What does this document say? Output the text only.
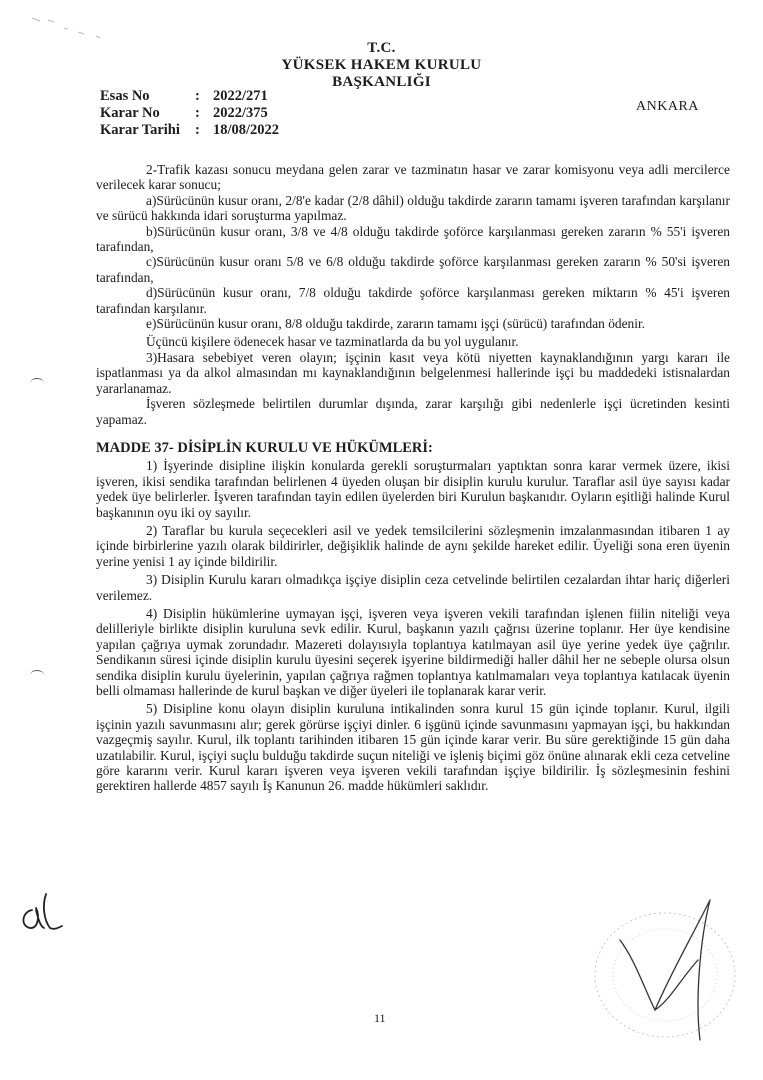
T.C.
YÜKSEK HAKEM KURULU
BAŞKANLIĞI
ANKARA
Esas No	: 2022/271
Karar No : 2022/375
Karar Tarihi : 18/08/2022

2-Trafik kazası sonucu meydana gelen zarar ve tazminatın hasar ve zarar komisyonu veya adli mercilerce verilecek karar sonucu;

a)Sürücünün kusur oranı, 2/8'e kadar (2/8 dâhil) olduğu takdirde zararın tamamı işveren tarafından karşılanır ve sürücü hakkında idari soruşturma yapılmaz.

b)Sürücünün kusur oranı, 3/8 ve 4/8 olduğu takdirde şoförce karşılanması gereken zararın % 55'i işveren tarafından,

c)Sürücünün kusur oranı 5/8 ve 6/8 olduğu takdirde şoförce karşılanması gereken zararın % 50'si işveren tarafından,

d)Sürücünün kusur oranı, 7/8 olduğu takdirde şoförce karşılanması gereken miktarın % 45'i işveren tarafından karşılanır.

e)Sürücünün kusur oranı, 8/8 olduğu takdirde, zararın tamamı işçi (sürücü) tarafından ödenir.

Üçüncü kişilere ödenecek hasar ve tazminatlarda da bu yol uygulanır.

3)Hasara sebebiyet veren olayın; işçinin kasıt veya kötü niyetten kaynaklandığının yargı kararı ile ispatlanması ya da alkol almasından mı kaynaklandığının belgelenmesi hallerinde işçi bu maddedeki istisnalardan yararlanamaz.

İşveren sözleşmede belirtilen durumlar dışında, zarar karşılığı gibi nedenlerle işçi ücretinden kesinti yapamaz.

MADDE 37- DİSİPLİN KURULU VE HÜKÜMLERİ:

1) İşyerinde disipline ilişkin konularda gerekli soruşturmaları yaptıktan sonra karar vermek üzere, ikisi işveren, ikisi sendika tarafından belirlenen 4 üyeden oluşan bir disiplin kurulu kurulur. Taraflar asil üye sayısı kadar yedek üye belirlerler. İşveren tarafından tayin edilen üyelerden biri Kurulun başkanıdır. Oyların eşitliği halinde Kurul başkanının oyu iki oy sayılır.

2) Taraflar bu kurula seçecekleri asil ve yedek temsilcilerini sözleşmenin imzalanmasından itibaren 1 ay içinde birbirlerine yazılı olarak bildirirler, değişiklik halinde de aynı şekilde hareket edilir. Üyeliği sona eren üyenin yerine yenisi 1 ay içinde bildirilir.

3) Disiplin Kurulu kararı olmadıkça işçiye disiplin ceza cetvelinde belirtilen cezalardan ihtar hariç diğerleri verilemez.

4) Disiplin hükümlerine uymayan işçi, işveren veya işveren vekili tarafından işlenen fiilin niteliği veya delilleriyle birlikte disiplin kuruluna sevk edilir. Kurul, başkanın yazılı çağrısı üzerine toplanır. Her üye kendisine yapılan çağrıya uymak zorundadır. Mazereti dolayısıyla toplantıya katılmayan asil üye yerine yedek üye çağrılır. Sendikanın süresi içinde disiplin kurulu üyesini seçerek işyerine bildirmediği haller dâhil her ne sebeple olursa olsun sendika disiplin kurulu üyelerinin, yapılan çağrıya rağmen toplantıya katılmamaları veya toplantıya katılacak üyenin belli olmaması hallerinde de kurul başkan ve diğer üyeleri ile toplanarak karar verir.

5) Disipline konu olayın disiplin kuruluna intikalinden sonra kurul 15 gün içinde toplanır. Kurul, ilgili işçinin yazılı savunmasını alır; gerek görürse işçiyi dinler. 6 işgünü içinde savunmasını yapmayan işçi, bu hakkından vazgeçmiş sayılır. Kurul, ilk toplantı tarihinden itibaren 15 gün içinde karar verir. Bu süre gerektiğinde 15 gün daha uzatılabilir. Kurul, işçiyi suçlu bulduğu takdirde suçun niteliği ve işleniş biçimi göz önüne alınarak ekli ceza cetveline göre kararını verir. Kurul kararı işveren veya işveren vekili tarafından işçiye bildirilir. İş sözleşmesinin feshini gerektiren hallerde 4857 sayılı İş Kanunun 26. madde hükümleri saklıdır.

11
